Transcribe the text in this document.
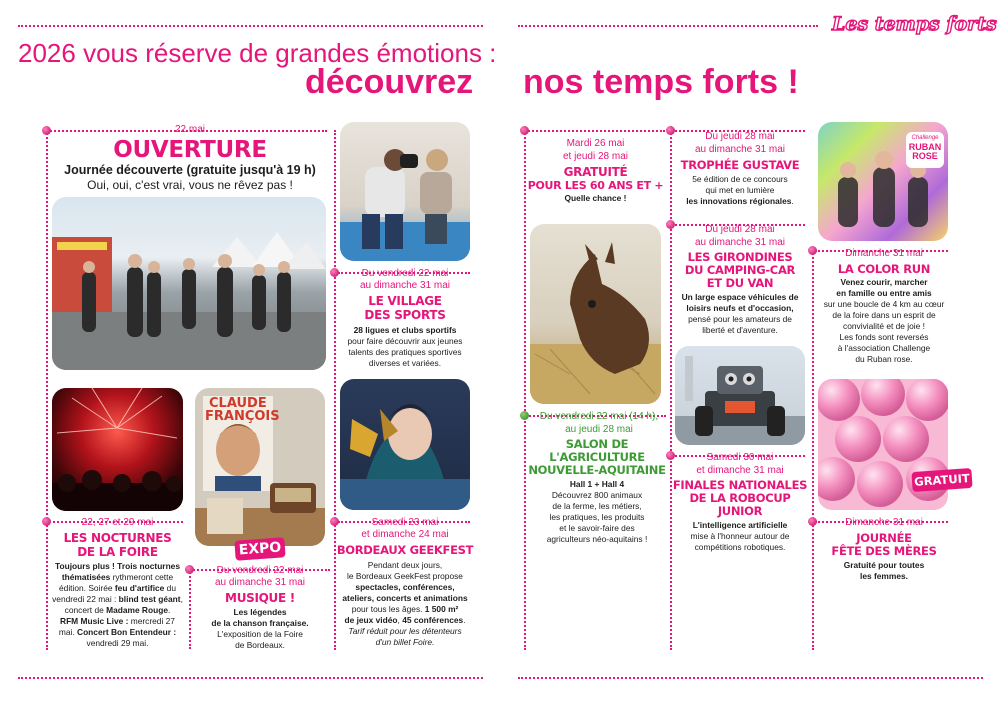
Les temps forts
2026 vous réserve de grandes émotions :
découvrez nos temps forts !
22 mai
OUVERTURE
Journée découverte (gratuite jusqu'à 19 h)
Oui, oui, c'est vrai, vous ne rêvez pas !
Du vendredi 22 mai
au dimanche 31 mai
LE VILLAGE
DES SPORTS
28 ligues et clubs sportifs
pour faire découvrir aux jeunes
talents des pratiques sportives
diverses et variées.
22, 27 et 29 mai
LES NOCTURNES
DE LA FOIRE
Toujours plus ! Trois nocturnes
thématisées rythmeront cette
édition. Soirée feu d'artifice du
vendredi 22 mai : blind test géant,
concert de Madame Rouge.
RFM Music Live : mercredi 27
mai. Concert Bon Entendeur :
vendredi 29 mai.
CLAUDE
FRANÇOIS
EXPO
Du vendredi 22 mai
au dimanche 31 mai
MUSIQUE !
Les légendes
de la chanson française.
L'exposition de la Foire
de Bordeaux.
Samedi 23 mai
et dimanche 24 mai
BORDEAUX GEEKFEST
Pendant deux jours,
le Bordeaux GeekFest propose
spectacles, conférences,
ateliers, concerts et animations
pour tous les âges. 1 500 m²
de jeux vidéo, 45 conférences.
Tarif réduit pour les détenteurs
d'un billet Foire.
Mardi 26 mai
et jeudi 28 mai
GRATUITÉ
POUR LES 60 ANS ET +
Quelle chance !
Du vendredi 22 mai (14 h),
au jeudi 28 mai
SALON DE
L'AGRICULTURE
NOUVELLE-AQUITAINE
Hall 1 + Hall 4
Découvrez 800 animaux
de la ferme, les métiers,
les pratiques, les produits
et le savoir-faire des
agriculteurs néo-aquitains !
Du jeudi 28 mai
au dimanche 31 mai
TROPHÉE GUSTAVE
5e édition de ce concours
qui met en lumière
les innovations régionales.
Du jeudi 28 mai
au dimanche 31 mai
LES GIRONDINES
DU CAMPING-CAR
ET DU VAN
Un large espace véhicules de
loisirs neufs et d'occasion,
pensé pour les amateurs de
liberté et d'aventure.
Samedi 30 mai
et dimanche 31 mai
FINALES NATIONALES
DE LA ROBOCUP
JUNIOR
L'intelligence artificielle
mise à l'honneur autour de
compétitions robotiques.
Challenge
RUBAN
ROSE
Dimanche 31 mai
LA COLOR RUN
Venez courir, marcher
en famille ou entre amis
sur une boucle de 4 km au cœur
de la foire dans un esprit de
convivialité et de joie !
Les fonds sont reversés
à l'association Challenge
du Ruban rose.
GRATUIT
Dimanche 31 mai
JOURNÉE
FÊTE DES MÈRES
Gratuité pour toutes
les femmes.
